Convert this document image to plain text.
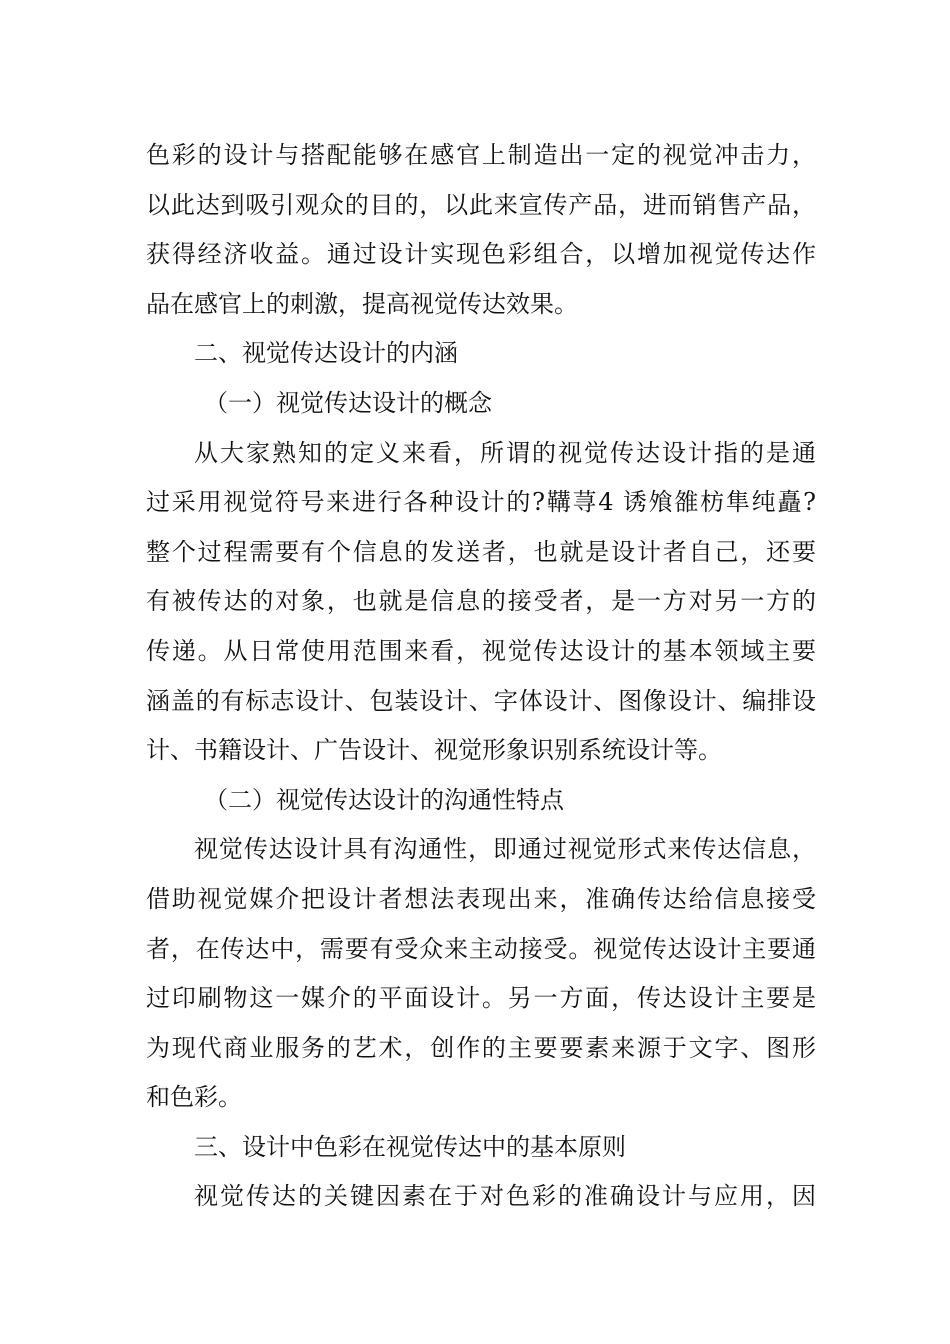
色彩的设计与搭配能够在感官上制造出一定的视觉冲击力，
以此达到吸引观众的目的，以此来宣传产品，进而销售产品，
获得经济收益。通过设计实现色彩组合，以增加视觉传达作
品在感官上的刺激，提高视觉传达效果。
二、视觉传达设计的内涵
（一）视觉传达设计的概念
从大家熟知的定义来看，所谓的视觉传达设计指的是通
过采用视觉符号来进行各种设计的?鞲荨4 诱飧雒枋隼纯矗?
整个过程需要有个信息的发送者，也就是设计者自己，还要
有被传达的对象，也就是信息的接受者，是一方对另一方的
传递。从日常使用范围来看，视觉传达设计的基本领域主要
涵盖的有标志设计、包装设计、字体设计、图像设计、编排设
计、书籍设计、广告设计、视觉形象识别系统设计等。
（二）视觉传达设计的沟通性特点
视觉传达设计具有沟通性，即通过视觉形式来传达信息，
借助视觉媒介把设计者想法表现出来，准确传达给信息接受
者，在传达中，需要有受众来主动接受。视觉传达设计主要通
过印刷物这一媒介的平面设计。另一方面，传达设计主要是
为现代商业服务的艺术，创作的主要要素来源于文字、图形
和色彩。
三、设计中色彩在视觉传达中的基本原则
视觉传达的关键因素在于对色彩的准确设计与应用，因
